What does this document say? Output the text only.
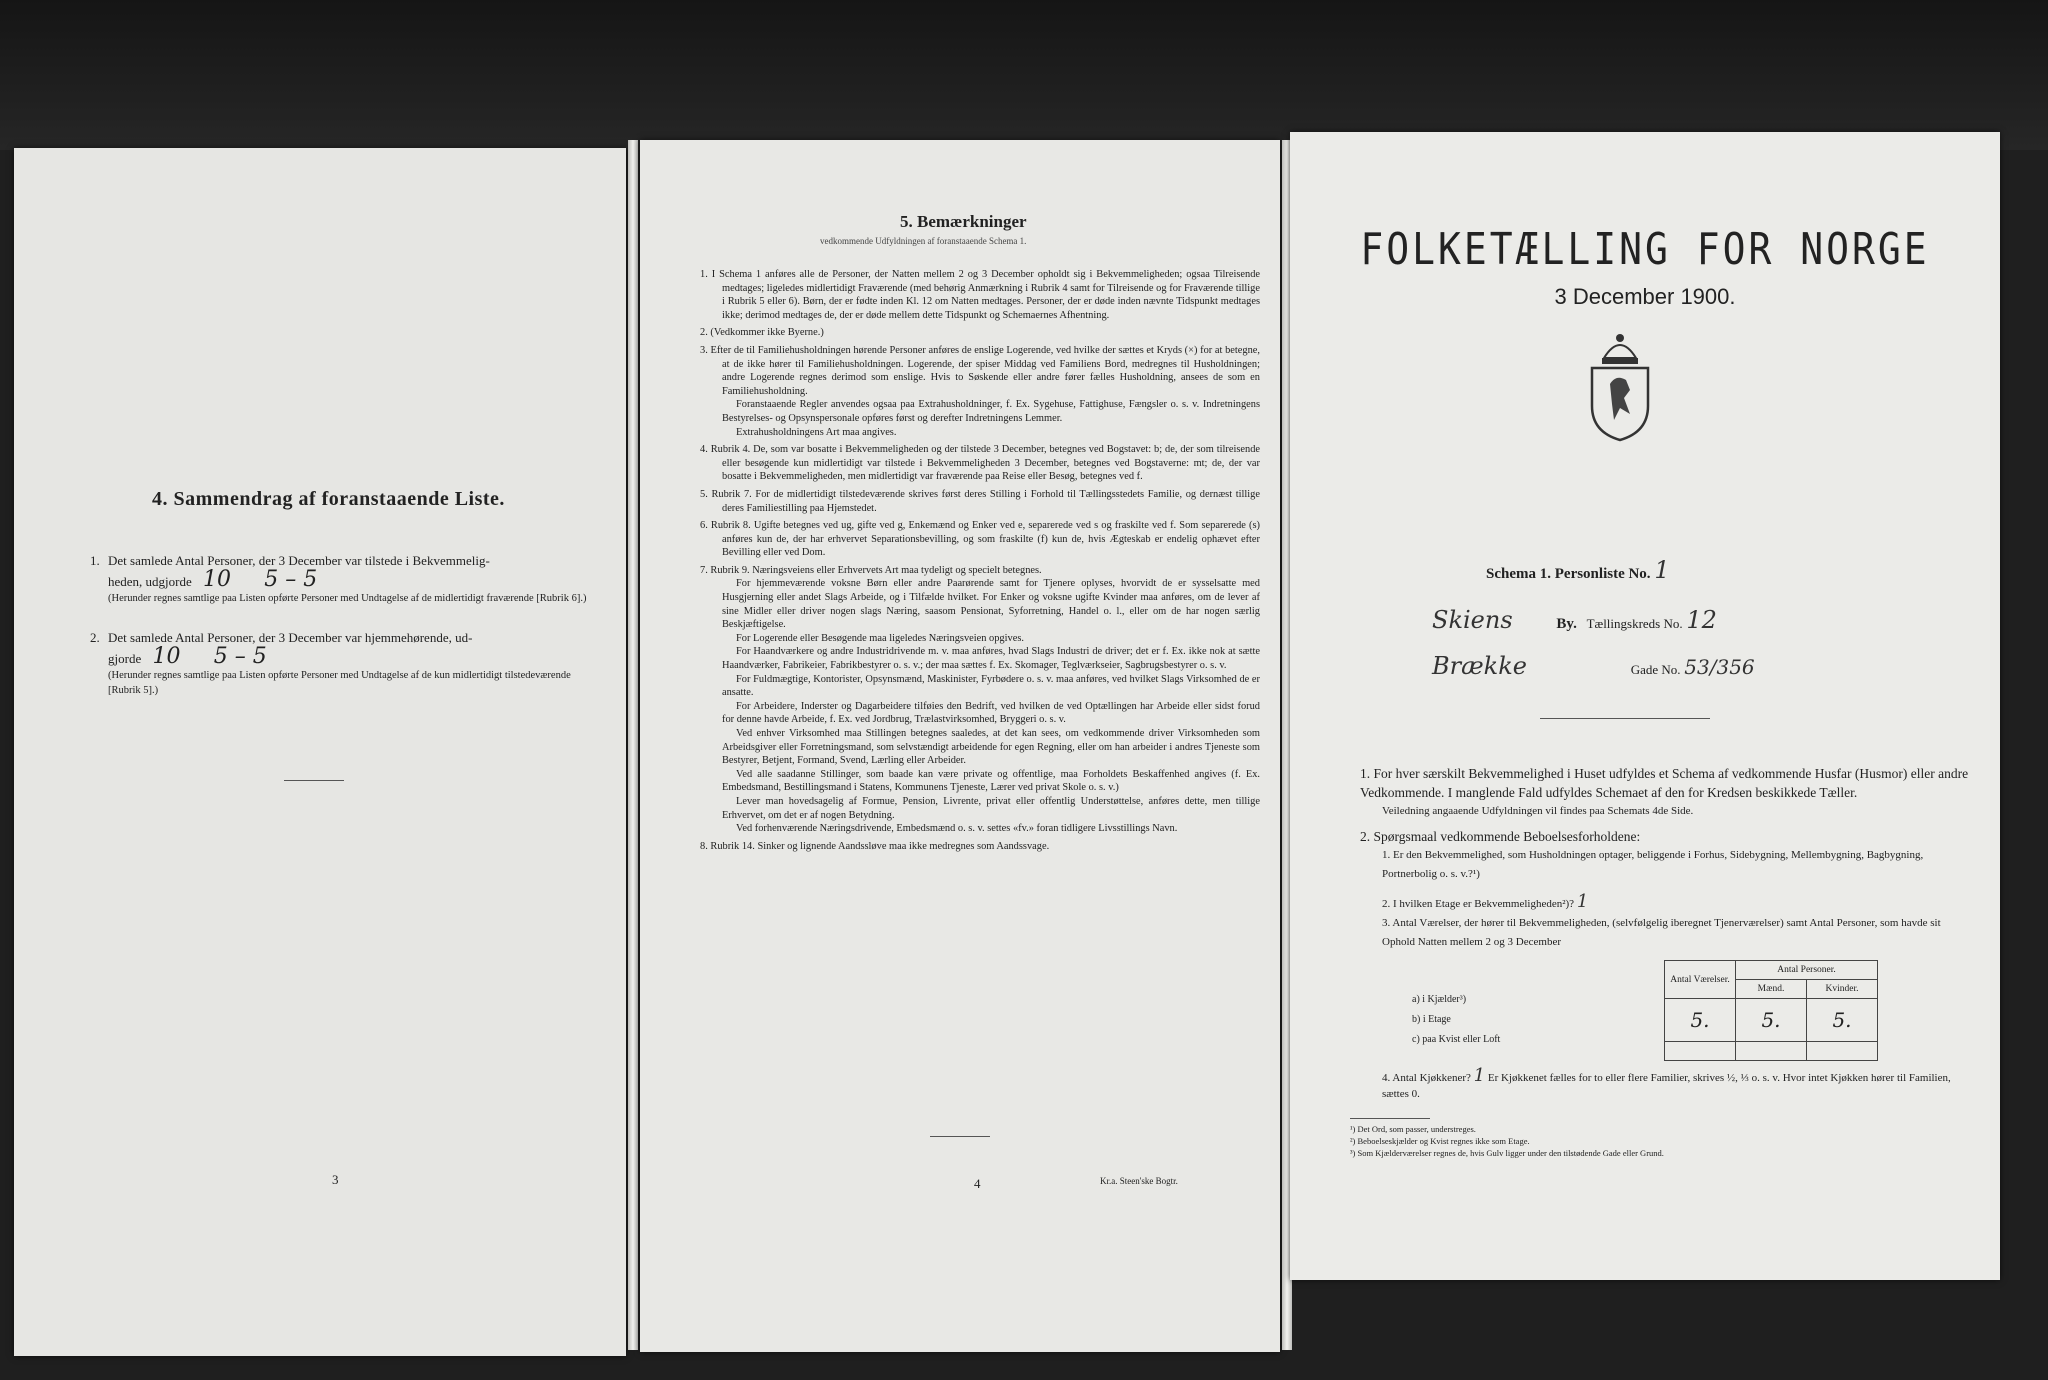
4. Sammendrag af foranstaaende Liste.
1. Det samlede Antal Personer, der 3 December var tilstede i Bekvemmelig-
heden, udgjorde 10 5 – 5
(Herunder regnes samtlige paa Listen opførte Personer med Undtagelse af de midlertidigt fraværende [Rubrik 6].)
2. Det samlede Antal Personer, der 3 December var hjemmehørende, ud-
gjorde 10 5 – 5
(Herunder regnes samtlige paa Listen opførte Personer med Undtagelse af de kun midlertidigt tilstedeværende [Rubrik 5].)
3
5. Bemærkninger
vedkommende Udfyldningen af foranstaaende Schema 1.

1. I Schema 1 anføres alle de Personer, der Natten mellem 2 og 3 December opholdt sig i Bekvemmeligheden; ogsaa Tilreisende medtages; ligeledes midlertidigt Fraværende (med behørig Anmærkning i Rubrik 4 samt for Tilreisende og for Fraværende tillige i Rubrik 5 eller 6). Børn, der er fødte inden Kl. 12 om Natten medtages. Personer, der er døde inden nævnte Tidspunkt medtages ikke; derimod medtages de, der er døde mellem dette Tidspunkt og Schemaernes Afhentning.

2. (Vedkommer ikke Byerne.)

3. Efter de til Familiehusholdningen hørende Personer anføres de enslige Logerende, ved hvilke der sættes et Kryds (×) for at betegne, at de ikke hører til Familiehusholdningen. Logerende, der spiser Middag ved Familiens Bord, medregnes til Husholdningen; andre Logerende regnes derimod som enslige. Hvis to Søskende eller andre fører fælles Husholdning, ansees de som en Familiehusholdning.

Foranstaaende Regler anvendes ogsaa paa Extrahusholdninger, f. Ex. Sygehuse, Fattighuse, Fængsler o. s. v. Indretningens Bestyrelses- og Opsynspersonale opføres først og derefter Indretningens Lemmer.

Extrahusholdningens Art maa angives.

4. Rubrik 4. De, som var bosatte i Bekvemmeligheden og der tilstede 3 December, betegnes ved Bogstavet: b; de, der som tilreisende eller besøgende kun midlertidigt var tilstede i Bekvemmeligheden 3 December, betegnes ved Bogstaverne: mt; de, der var bosatte i Bekvemmeligheden, men midlertidigt var fraværende paa Reise eller Besøg, betegnes ved f.

5. Rubrik 7. For de midlertidigt tilstedeværende skrives først deres Stilling i Forhold til Tællingsstedets Familie, og dernæst tillige deres Familiestilling paa Hjemstedet.

6. Rubrik 8. Ugifte betegnes ved ug, gifte ved g, Enkemænd og Enker ved e, separerede ved s og fraskilte ved f. Som separerede (s) anføres kun de, der har erhvervet Separationsbevilling, og som fraskilte (f) kun de, hvis Ægteskab er endelig ophævet efter Bevilling eller ved Dom.

7. Rubrik 9. Næringsveiens eller Erhvervets Art maa tydeligt og specielt betegnes.

For hjemmeværende voksne Børn eller andre Paarørende samt for Tjenere oplyses, hvorvidt de er sysselsatte med Husgjerning eller andet Slags Arbeide, og i Tilfælde hvilket. For Enker og voksne ugifte Kvinder maa anføres, om de lever af sine Midler eller driver nogen slags Næring, saasom Pensionat, Syforretning, Handel o. l., eller om de har nogen særlig Beskjæftigelse.

For Logerende eller Besøgende maa ligeledes Næringsveien opgives.

For Haandværkere og andre Industridrivende m. v. maa anføres, hvad Slags Industri de driver; det er f. Ex. ikke nok at sætte Haandværker, Fabrikeier, Fabrikbestyrer o. s. v.; der maa sættes f. Ex. Skomager, Teglværkseier, Sagbrugsbestyrer o. s. v.

For Fuldmægtige, Kontorister, Opsynsmænd, Maskinister, Fyrbødere o. s. v. maa anføres, ved hvilket Slags Virksomhed de er ansatte.

For Arbeidere, Inderster og Dagarbeidere tilføies den Bedrift, ved hvilken de ved Optællingen har Arbeide eller sidst forud for denne havde Arbeide, f. Ex. ved Jordbrug, Trælastvirksomhed, Bryggeri o. s. v.

Ved enhver Virksomhed maa Stillingen betegnes saaledes, at det kan sees, om vedkommende driver Virksomheden som Arbeidsgiver eller Forretningsmand, som selvstændigt arbeidende for egen Regning, eller om han arbeider i andres Tjeneste som Bestyrer, Betjent, Formand, Svend, Lærling eller Arbeider.

Ved alle saadanne Stillinger, som baade kan være private og offentlige, maa Forholdets Beskaffenhed angives (f. Ex. Embedsmand, Bestillingsmand i Statens, Kommunens Tjeneste, Lærer ved privat Skole o. s. v.)

Lever man hovedsagelig af Formue, Pension, Livrente, privat eller offentlig Understøttelse, anføres dette, men tillige Erhvervet, om det er af nogen Betydning.

Ved forhenværende Næringsdrivende, Embedsmænd o. s. v. settes «fv.» foran tidligere Livsstillings Navn.

8. Rubrik 14. Sinker og lignende Aandssløve maa ikke medregnes som Aandssvage.

4	Kr.a. Steen'ske Bogtr.
FOLKETÆLLING FOR NORGE
3 December 1900.
Schema 1. Personliste No. 1
Skiens	By. Tællingskreds No. 12
Brække	Gade No. 53/356

1. For hver særskilt Bekvemmelighed i Huset udfyldes et Schema af vedkommende Husfar (Husmor) eller andre Vedkommende. I manglende Fald udfyldes Schemaet af den for Kredsen beskikkede Tæller.

Veiledning angaaende Udfyldningen vil findes paa Schemats 4de Side.

2. Spørgsmaal vedkommende Beboelsesforholdene:

1. Er den Bekvemmelighed, som Husholdningen optager, beliggende i Forhus, Sidebygning, Mellembygning, Bagbygning, Portnerbolig o. s. v.?¹)

2. I hvilken Etage er Bekvemmeligheden²)? 1

3. Antal Værelser, der hører til Bekvemmeligheden, (selvfølgelig iberegnet Tjenerværelser) samt Antal Personer, som havde sit Ophold Natten mellem 2 og 3 December

Antal Værelser.	Antal Personer.	
	Mænd.	Kvinder.
5.	5.	5.

a) i Kjælder³)
b) i Etage
c) paa Kvist eller Loft

4. Antal Kjøkkener? 1 Er Kjøkkenet fælles for to eller flere Familier, skrives ½, ⅓ o. s. v. Hvor intet Kjøkken hører til Familien, sættes 0.

¹) Det Ord, som passer, understreges.
²) Beboelseskjælder og Kvist regnes ikke som Etage.
³) Som Kjælderværelser regnes de, hvis Gulv ligger under den tilstødende Gade eller Grund.
